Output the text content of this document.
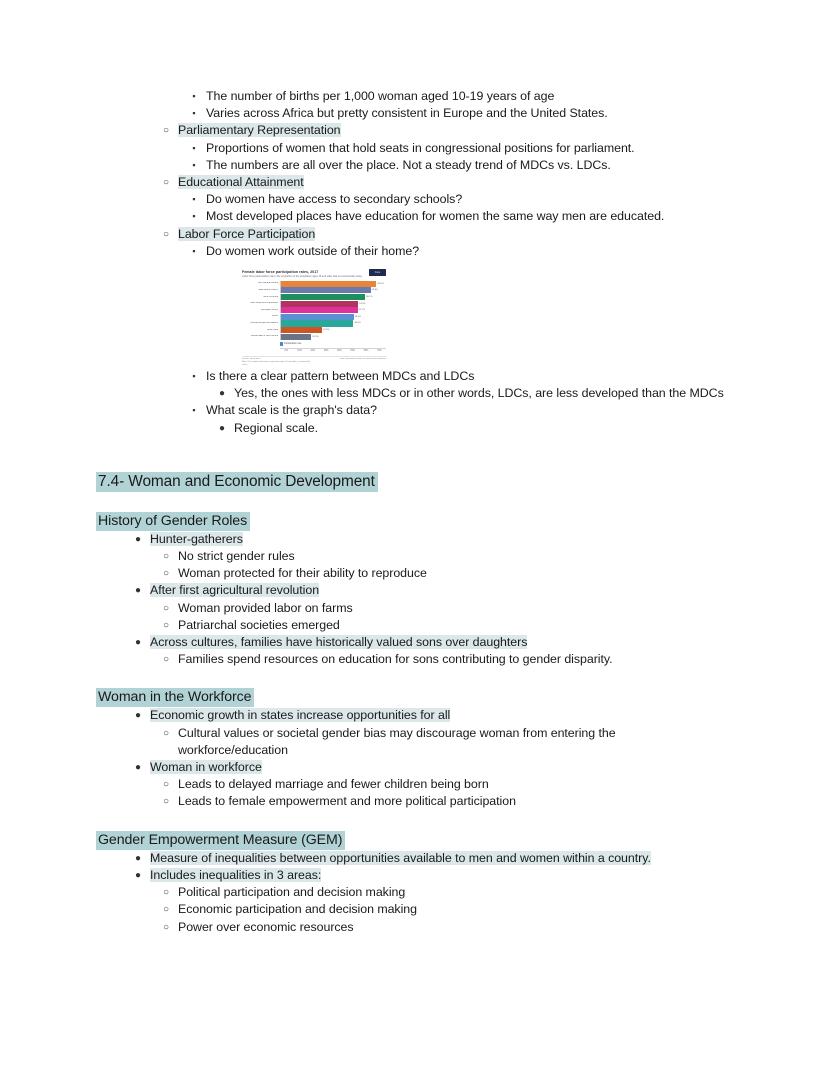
▪ The number of births per 1,000 woman aged 10-19 years of age
▪ Varies across Africa but pretty consistent in Europe and the United States.
○ Parliamentary Representation
▪ Proportions of women that hold seats in congressional positions for parliament.
▪ The numbers are all over the place. Not a steady trend of MDCs vs. LDCs.
○ Educational Attainment
▪ Do women have access to secondary schools?
▪ Most developed places have education for women the same way men are educated.
○ Labor Force Participation
▪ Do women work outside of their home?
Data
Female labor force participation rates, 2017
Labor force participation rate is the proportion of the population ages 15 and older that is economically active
Sub-Saharan Africa	63.6%
East Asia & Pacific	59.8%
North America	56.1%
Latin America & Caribbean	51.5%
European Union	51.1%
World	48.5%
Central Europe and Baltics	48.3%
South Asia	27.6%
Middle East & North Africa	20.3%
Participation rate
0%	10%	20%	30%	40%	50%	60%	70%
Source: World Bank
Note: ILO modeled estimates, population ages 15 and older, economically active
Data visualization based on World Bank indicators
▪ Is there a clear pattern between MDCs and LDCs
● Yes, the ones with less MDCs or in other words, LDCs, are less developed than the MDCs
▪ What scale is the graph's data?
● Regional scale.
7.4- Woman and Economic Development
History of Gender Roles
● Hunter-gatherers
○ No strict gender rules
○ Woman protected for their ability to reproduce
● After first agricultural revolution
○ Woman provided labor on farms
○ Patriarchal societies emerged
● Across cultures, families have historically valued sons over daughters
○ Families spend resources on education for sons contributing to gender disparity.
Woman in the Workforce
● Economic growth in states increase opportunities for all
○ Cultural values or societal gender bias may discourage woman from entering the workforce/education
● Woman in workforce
○ Leads to delayed marriage and fewer children being born
○ Leads to female empowerment and more political participation
Gender Empowerment Measure (GEM)
● Measure of inequalities between opportunities available to men and women within a country.
● Includes inequalities in 3 areas:
○ Political participation and decision making
○ Economic participation and decision making
○ Power over economic resources
